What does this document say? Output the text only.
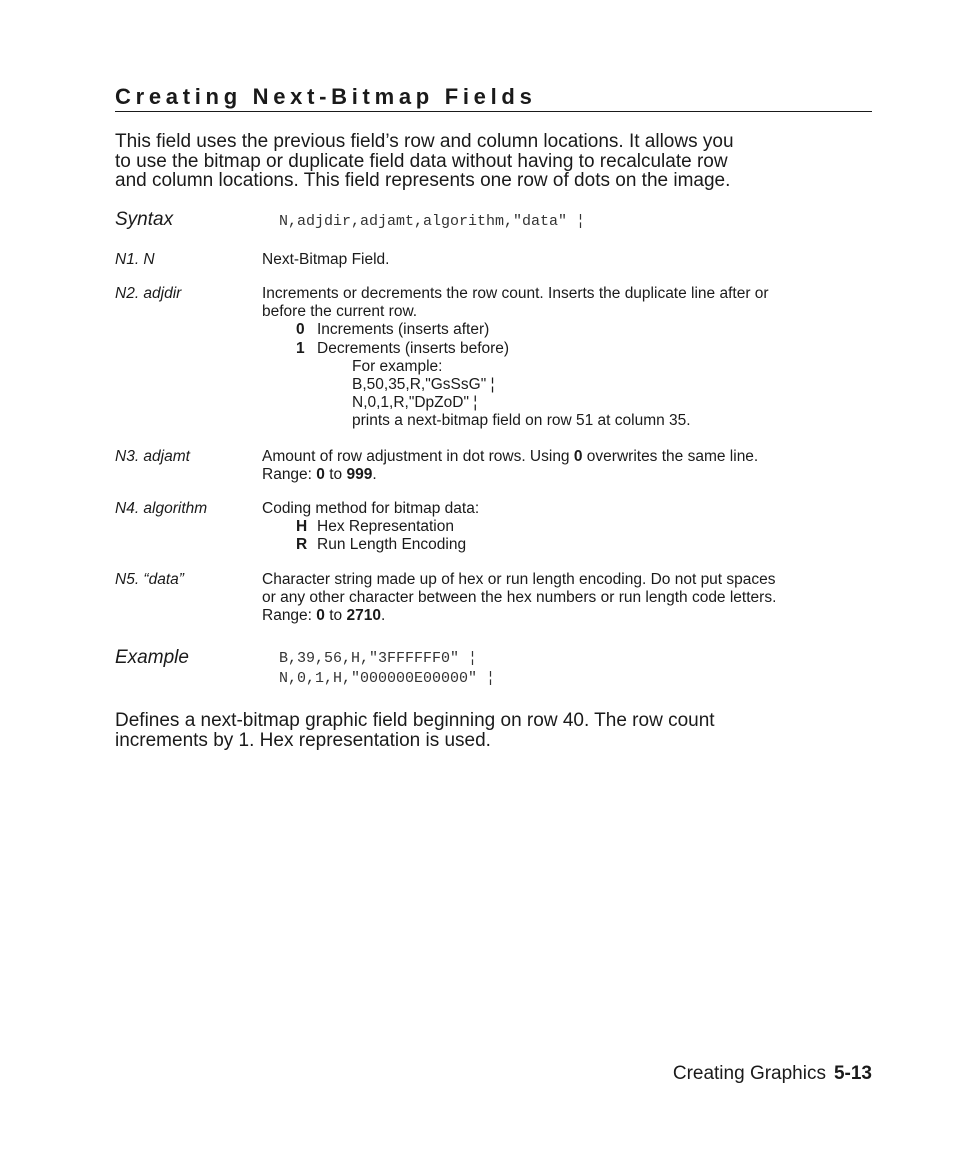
Creating Next-Bitmap Fields
This field uses the previous field’s row and column locations. It allows you
to use the bitmap or duplicate field data without having to recalculate row
and column locations. This field represents one row of dots on the image.
Syntax	N,adjdir,adjamt,algorithm,"data" ¦
N1. N	Next-Bitmap Field.
N2. adjdir	Increments or decrements the row count. Inserts the duplicate line after or
before the current row.
0 Increments (inserts after)
1 Decrements (inserts before)
For example:
B,50,35,R,"GsSsG" ¦
N,0,1,R,"DpZoD" ¦
prints a next-bitmap field on row 51 at column 35.
N3. adjamt	Amount of row adjustment in dot rows. Using 0 overwrites the same line.
Range: 0 to 999.
N4. algorithm	Coding method for bitmap data:
H Hex Representation
R Run Length Encoding
N5. “data”	Character string made up of hex or run length encoding. Do not put spaces
or any other character between the hex numbers or run length code letters.
Range: 0 to 2710.
Example	B,39,56,H,"3FFFFFF0" ¦
N,0,1,H,"000000E00000" ¦
Defines a next-bitmap graphic field beginning on row 40. The row count
increments by 1. Hex representation is used.
Creating Graphics 5-13
